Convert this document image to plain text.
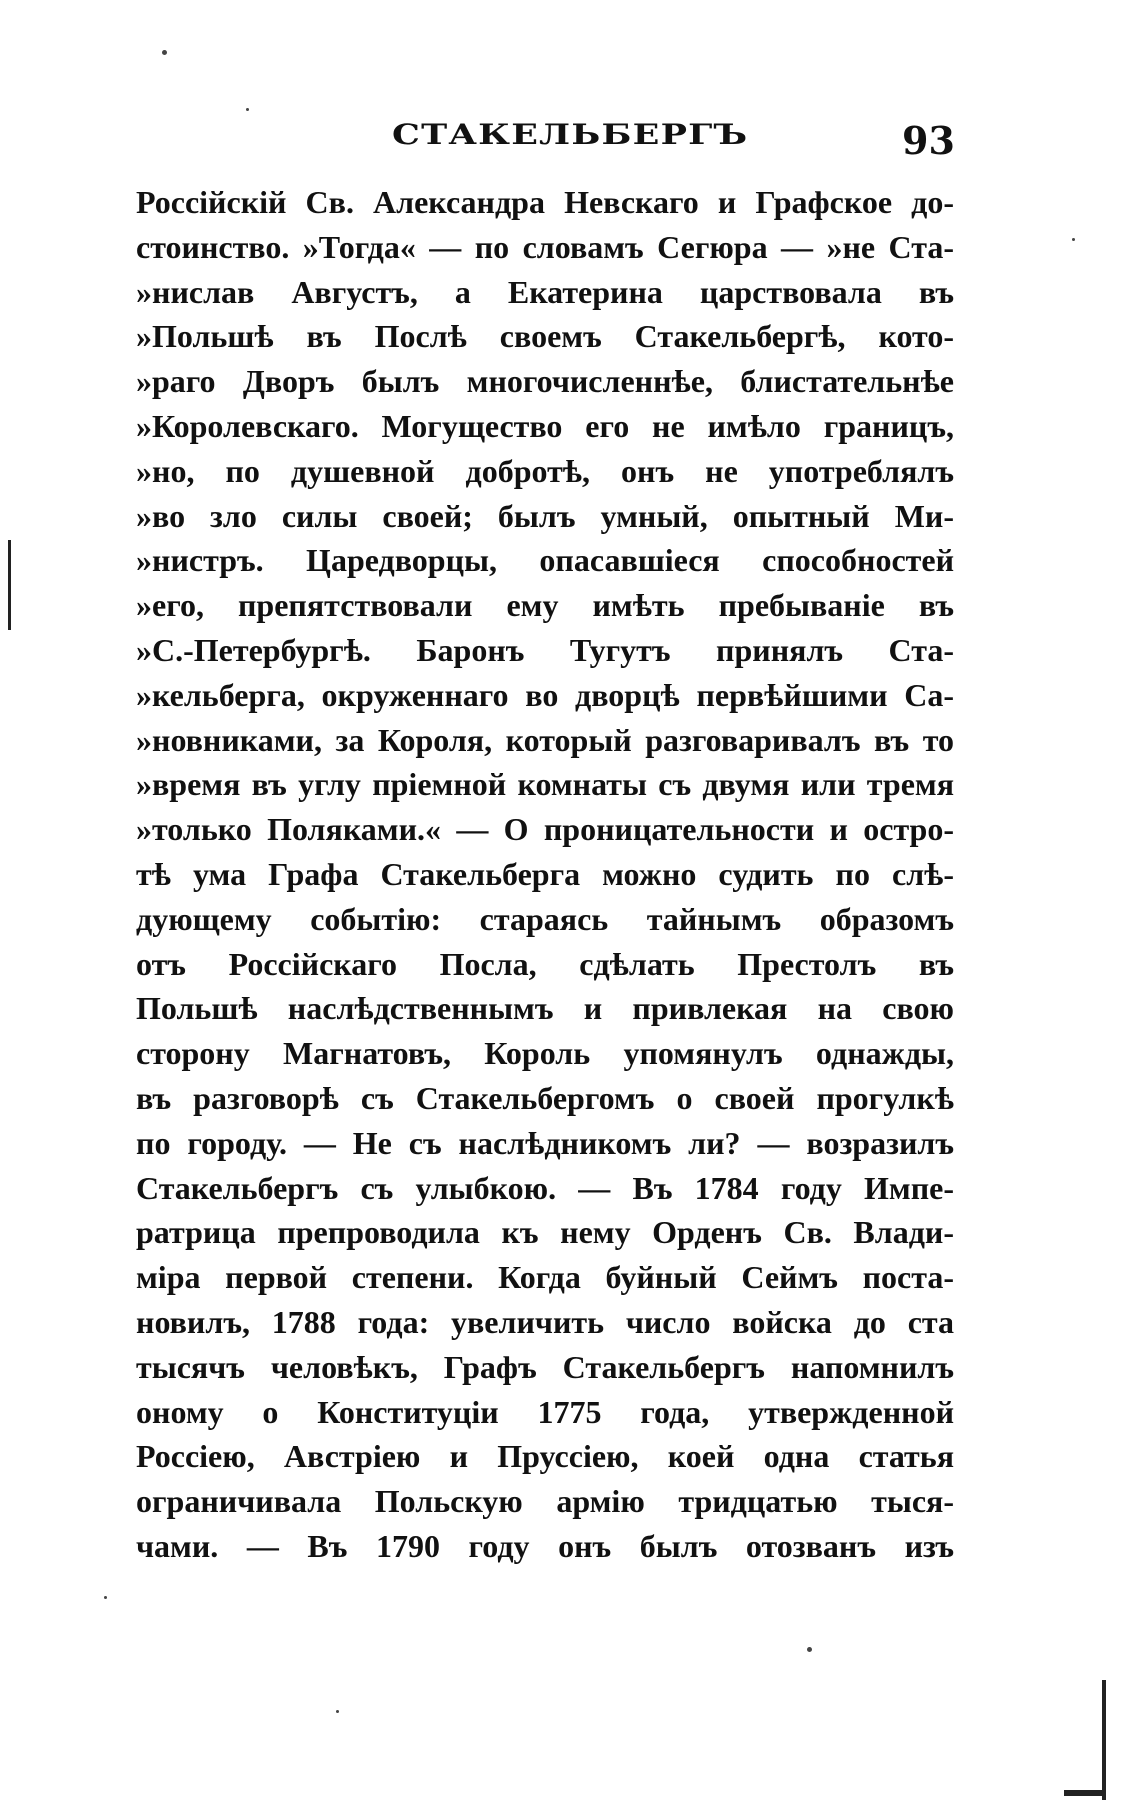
СТАКЕЛЬБЕРГЪ	93
Россійскій Св. Александра Невскаго и Графское до-
стоинство. »Тогда« — по словамъ Сегюра — »не Ста-
»нислав Августъ, а Екатерина царствовала въ
»Польшѣ въ Послѣ своемъ Стакельбергѣ, кото-
»раго Дворъ былъ многочисленнѣе, блистательнѣе
»Королевскаго. Могущество его не имѣло границъ,
»но, по душевной добротѣ, онъ не употреблялъ
»во зло силы своей; былъ умный, опытный Ми-
»нистръ. Царедворцы, опасавшіеся способностей
»его, препятствовали ему имѣть пребываніе въ
»С.-Петербургѣ. Баронъ Тугутъ принялъ Ста-
»кельберга, окруженнаго во дворцѣ первѣйшими Са-
»новниками, за Короля, который разговаривалъ въ то
»время въ углу пріемной комнаты съ двумя или тремя
»только Поляками.« — О проницательности и остро-
тѣ ума Графа Стакельберга можно судить по слѣ-
дующему событію: стараясь тайнымъ образомъ
отъ Россійскаго Посла, сдѣлать Престолъ въ
Польшѣ наслѣдственнымъ и привлекая на свою
сторону Магнатовъ, Король упомянулъ однажды,
въ разговорѣ съ Стакельбергомъ о своей прогулкѣ
по городу. — Не съ наслѣдникомъ ли? — возразилъ
Стакельбергъ съ улыбкою. — Въ 1784 году Импе-
ратрица препроводила къ нему Орденъ Св. Влади-
міра первой степени. Когда буйный Сеймъ поста-
новилъ, 1788 года: увеличить число войска до ста
тысячъ человѣкъ, Графъ Стакельбергъ напомнилъ
оному о Конституціи 1775 года, утвержденной
Россіею, Австріею и Пруссіею, коей одна статья
ограничивала Польскую армію тридцатью тыся-
чами. — Въ 1790 году онъ былъ отозванъ изъ
